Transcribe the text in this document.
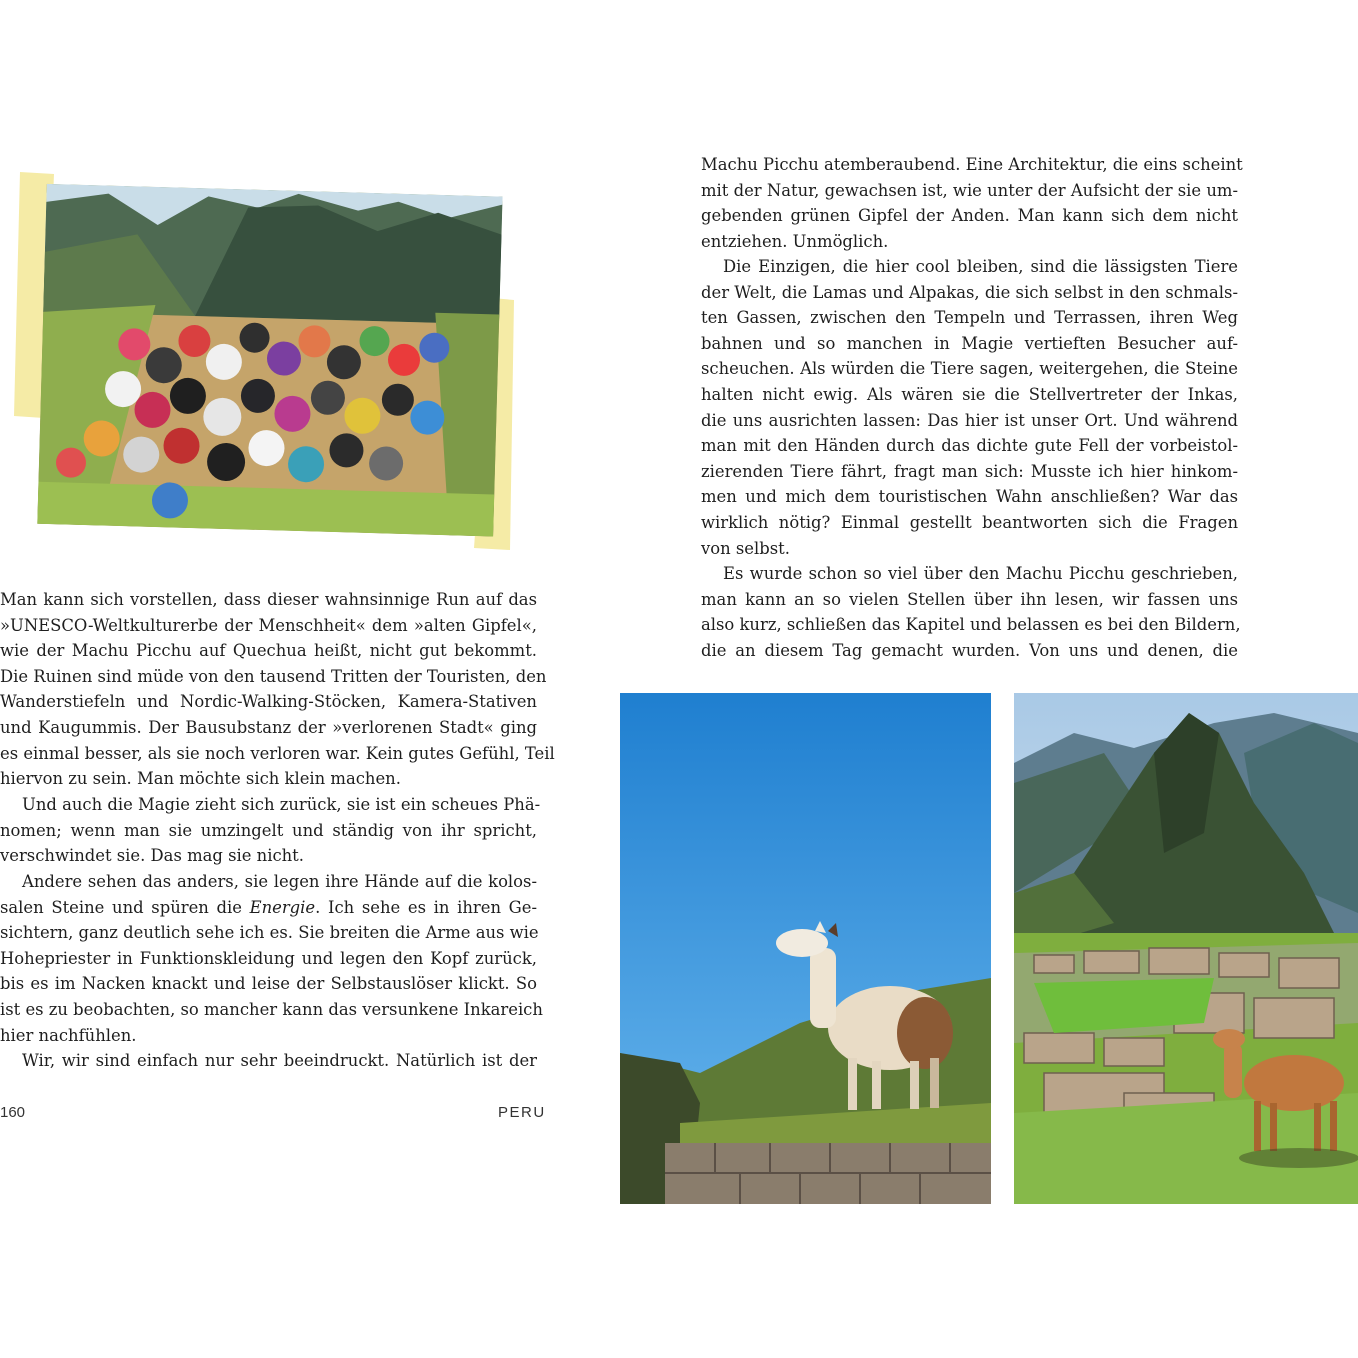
Man kann sich vorstellen, dass dieser wahnsinnige Run auf das
»UNESCO-Weltkulturerbe der Menschheit« dem »alten Gipfel«,
wie der Machu Picchu auf Quechua heißt, nicht gut bekommt.
Die Ruinen sind müde von den tausend Tritten der Touristen, den
Wanderstiefeln und Nordic-Walking-Stöcken, Kamera-Stativen
und Kaugummis. Der Bausubstanz der »verlorenen Stadt« ging
es einmal besser, als sie noch verloren war. Kein gutes Gefühl, Teil
hiervon zu sein. Man möchte sich klein machen.

Und auch die Magie zieht sich zurück, sie ist ein scheues Phä-
nomen; wenn man sie umzingelt und ständig von ihr spricht,
verschwindet sie. Das mag sie nicht.

Andere sehen das anders, sie legen ihre Hände auf die kolos-
salen Steine und spüren die Energie. Ich sehe es in ihren Ge-
sichtern, ganz deutlich sehe ich es. Sie breiten die Arme aus wie
Hohepriester in Funktionskleidung und legen den Kopf zurück,
bis es im Nacken knackt und leise der Selbstauslöser klickt. So
ist es zu beobachten, so mancher kann das versunkene Inkareich
hier nachfühlen.

Wir, wir sind einfach nur sehr beeindruckt. Natürlich ist der

160	PERU

Machu Picchu atemberaubend. Eine Architektur, die eins scheint
mit der Natur, gewachsen ist, wie unter der Aufsicht der sie um-
gebenden grünen Gipfel der Anden. Man kann sich dem nicht
entziehen. Unmöglich.

Die Einzigen, die hier cool bleiben, sind die lässigsten Tiere
der Welt, die Lamas und Alpakas, die sich selbst in den schmals-
ten Gassen, zwischen den Tempeln und Terrassen, ihren Weg
bahnen und so manchen in Magie vertieften Besucher auf-
scheuchen. Als würden die Tiere sagen, weitergehen, die Steine
halten nicht ewig. Als wären sie die Stellvertreter der Inkas,
die uns ausrichten lassen: Das hier ist unser Ort. Und während
man mit den Händen durch das dichte gute Fell der vorbeistol-
zierenden Tiere fährt, fragt man sich: Musste ich hier hinkom-
men und mich dem touristischen Wahn anschließen? War das
wirklich nötig? Einmal gestellt beantworten sich die Fragen
von selbst.

Es wurde schon so viel über den Machu Picchu geschrieben,
man kann an so vielen Stellen über ihn lesen, wir fassen uns
also kurz, schließen das Kapitel und belassen es bei den Bildern,
die an diesem Tag gemacht wurden. Von uns und denen, die
